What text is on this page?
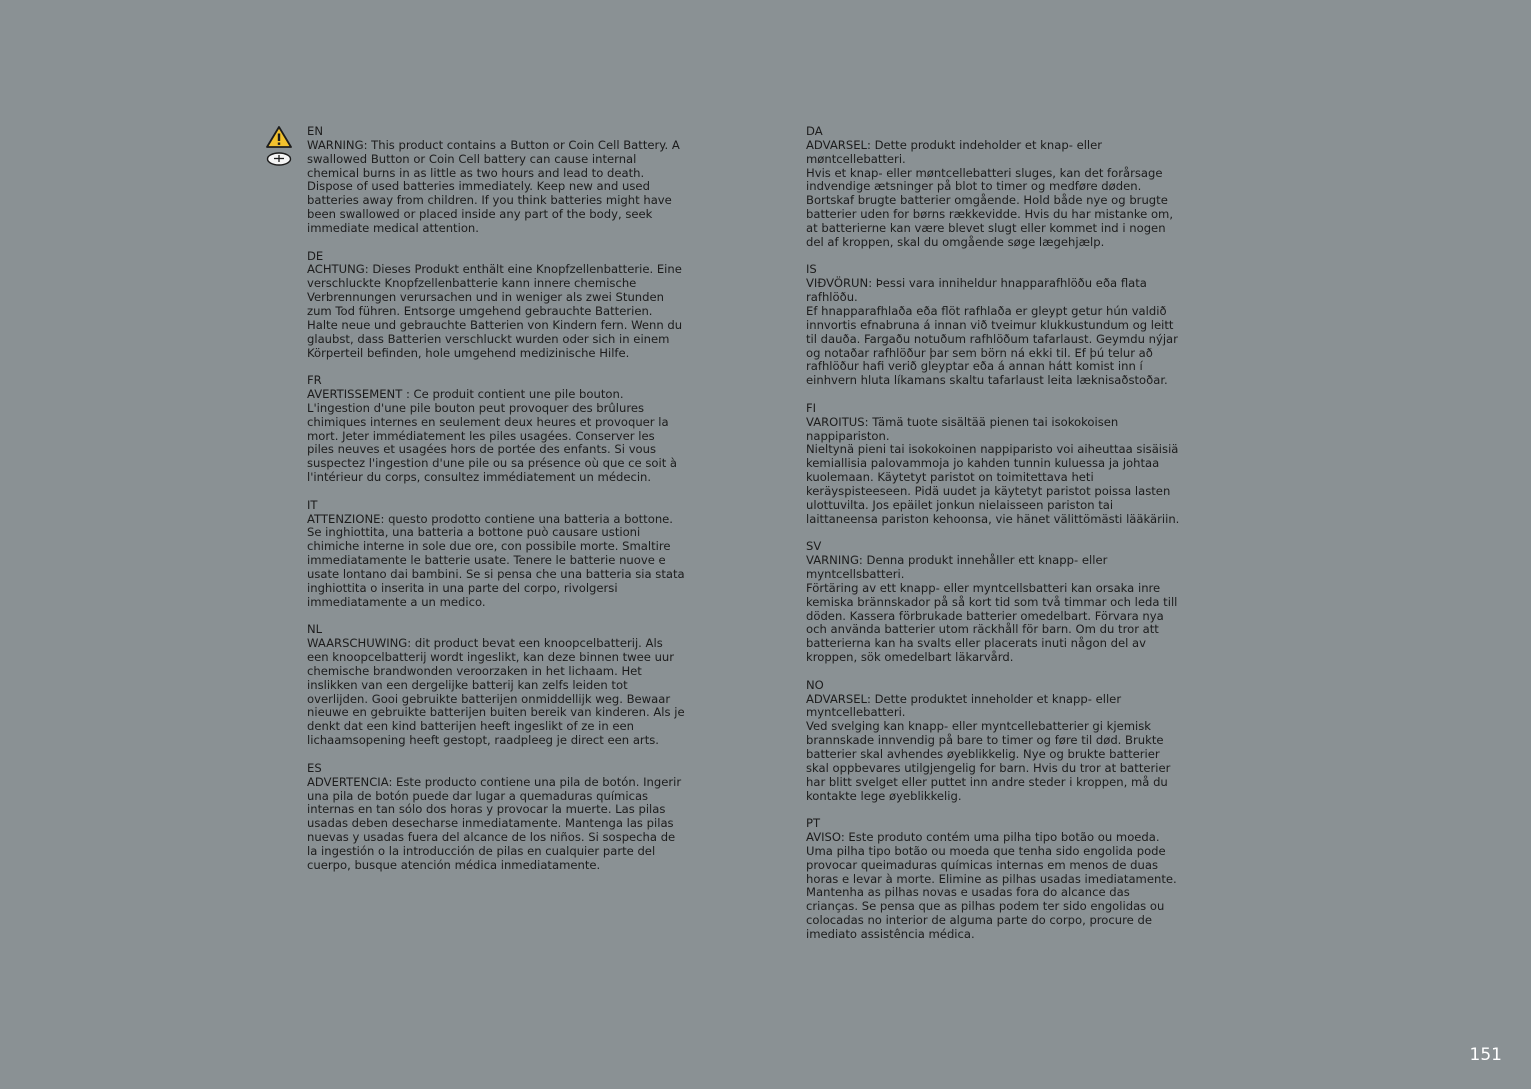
EN

WARNING: This product contains a Button or Coin Cell Battery. A swallowed Button or Coin Cell battery can cause internal chemical burns in as little as two hours and lead to death. Dispose of used batteries immediately. Keep new and used batteries away from children. If you think batteries might have been swallowed or placed inside any part of the body, seek immediate medical attention.

DE

ACHTUNG: Dieses Produkt enthält eine Knopfzellenbatterie. Eine verschluckte Knopfzellenbatterie kann innere chemische Verbrennungen verursachen und in weniger als zwei Stunden zum Tod führen. Entsorge umgehend gebrauchte Batterien. Halte neue und gebrauchte Batterien von Kindern fern. Wenn du glaubst, dass Batterien verschluckt wurden oder sich in einem Körperteil befinden, hole umgehend medizinische Hilfe.

FR

AVERTISSEMENT : Ce produit contient une pile bouton. L'ingestion d'une pile bouton peut provoquer des brûlures chimiques internes en seulement deux heures et provoquer la mort. Jeter immédiatement les piles usagées. Conserver les piles neuves et usagées hors de portée des enfants. Si vous suspectez l'ingestion d'une pile ou sa présence où que ce soit à l'intérieur du corps, consultez immédiatement un médecin.

IT

ATTENZIONE: questo prodotto contiene una batteria a bottone.

Se inghiottita, una batteria a bottone può causare ustioni chimiche interne in sole due ore, con possibile morte. Smaltire immediatamente le batterie usate. Tenere le batterie nuove e usate lontano dai bambini. Se si pensa che una batteria sia stata inghiottita o inserita in una parte del corpo, rivolgersi immediatamente a un medico.

NL

WAARSCHUWING: dit product bevat een knoopcelbatterij. Als een knoopcelbatterij wordt ingeslikt, kan deze binnen twee uur chemische brandwonden veroorzaken in het lichaam. Het inslikken van een dergelijke batterij kan zelfs leiden tot overlijden. Gooi gebruikte batterijen onmiddellijk weg. Bewaar nieuwe en gebruikte batterijen buiten bereik van kinderen. Als je denkt dat een kind batterijen heeft ingeslikt of ze in een lichaamsopening heeft gestopt, raadpleeg je direct een arts.

ES

ADVERTENCIA: Este producto contiene una pila de botón. Ingerir una pila de botón puede dar lugar a quemaduras químicas internas en tan sólo dos horas y provocar la muerte. Las pilas usadas deben desecharse inmediatamente. Mantenga las pilas nuevas y usadas fuera del alcance de los niños. Si sospecha de la ingestión o la introducción de pilas en cualquier parte del cuerpo, busque atención médica inmediatamente.

DA

ADVARSEL: Dette produkt indeholder et knap- eller møntcellebatteri.

Hvis et knap- eller møntcellebatteri sluges, kan det forårsage indvendige ætsninger på blot to timer og medføre døden. Bortskaf brugte batterier omgående. Hold både nye og brugte batterier uden for børns rækkevidde. Hvis du har mistanke om, at batterierne kan være blevet slugt eller kommet ind i nogen del af kroppen, skal du omgående søge lægehjælp.

IS

VIÐVÖRUN: Þessi vara inniheldur hnapparafhlöðu eða flata rafhlöðu.

Ef hnapparafhlaða eða flöt rafhlaða er gleypt getur hún valdið innvortis efnabruna á innan við tveimur klukkustundum og leitt til dauða. Fargaðu notuðum rafhlöðum tafarlaust. Geymdu nýjar og notaðar rafhlöður þar sem börn ná ekki til. Ef þú telur að rafhlöður hafi verið gleyptar eða á annan hátt komist inn í einhvern hluta líkamans skaltu tafarlaust leita læknisaðstoðar.

FI

VAROITUS: Tämä tuote sisältää pienen tai isokokoisen nappipariston.

Nieltynä pieni tai isokokoinen nappiparisto voi aiheuttaa sisäisiä kemiallisia palovammoja jo kahden tunnin kuluessa ja johtaa kuolemaan. Käytetyt paristot on toimitettava heti keräyspisteeseen. Pidä uudet ja käytetyt paristot poissa lasten ulottuvilta. Jos epäilet jonkun nielaisseen pariston tai laittaneensa pariston kehoonsa, vie hänet välittömästi lääkäriin.

SV

VARNING: Denna produkt innehåller ett knapp- eller myntcellsbatteri.

Förtäring av ett knapp- eller myntcellsbatteri kan orsaka inre kemiska brännskador på så kort tid som två timmar och leda till döden. Kassera förbrukade batterier omedelbart. Förvara nya och använda batterier utom räckhåll för barn. Om du tror att batterierna kan ha svalts eller placerats inuti någon del av kroppen, sök omedelbart läkarvård.

NO

ADVARSEL: Dette produktet inneholder et knapp- eller myntcellebatteri.

Ved svelging kan knapp- eller myntcellebatterier gi kjemisk brannskade innvendig på bare to timer og føre til død. Brukte batterier skal avhendes øyeblikkelig. Nye og brukte batterier skal oppbevares utilgjengelig for barn. Hvis du tror at batterier har blitt svelget eller puttet inn andre steder i kroppen, må du kontakte lege øyeblikkelig.

PT

AVISO: Este produto contém uma pilha tipo botão ou moeda. Uma pilha tipo botão ou moeda que tenha sido engolida pode provocar queimaduras químicas internas em menos de duas horas e levar à morte. Elimine as pilhas usadas imediatamente. Mantenha as pilhas novas e usadas fora do alcance das crianças. Se pensa que as pilhas podem ter sido engolidas ou colocadas no interior de alguma parte do corpo, procure de imediato assistência médica.

151
